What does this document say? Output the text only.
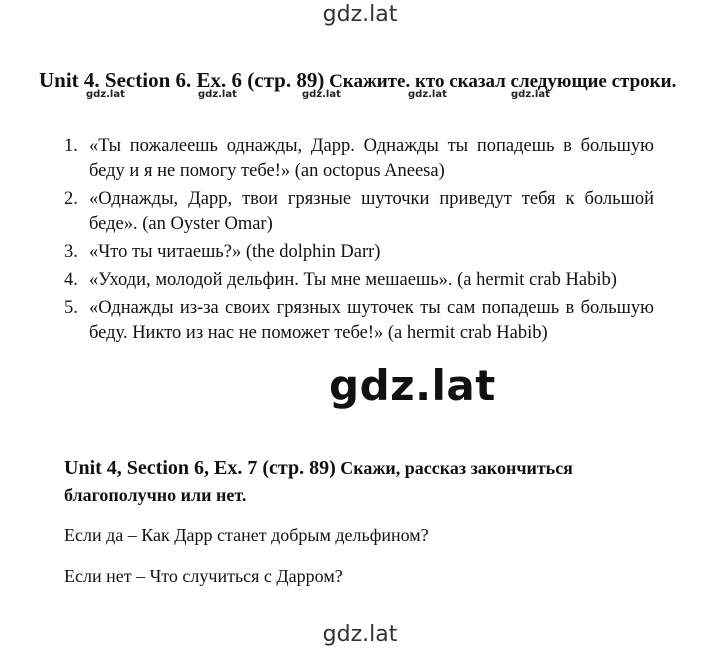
gdz.lat
Unit 4. Section 6. Ex. 6 (стр. 89) Скажите. кто сказал следующие строки.
gdz.lat	gdz.lat	gdz.lat	gdz.lat	gdz.lat
1. «Ты пожалеешь однажды, Дарр. Однажды ты попадешь в большую беду и я не помогу тебе!» (an octopus Aneesa)
2. «Однажды, Дарр, твои грязные шуточки приведут тебя к большой беде». (an Oyster Omar)
3. «Что ты читаешь?» (the dolphin Darr)
4. «Уходи, молодой дельфин. Ты мне мешаешь». (a hermit crab Habib)
5. «Однажды из-за своих грязных шуточек ты сам попадешь в большую беду. Никто из нас не поможет тебе!» (a hermit crab Habib)
gdz.lat
Unit 4, Section 6, Ex. 7 (стр. 89) Скажи, рассказ закончиться благополучно или нет.
Если да – Как Дарр станет добрым дельфином?
Если нет – Что случиться с Дарром?
gdz.lat
